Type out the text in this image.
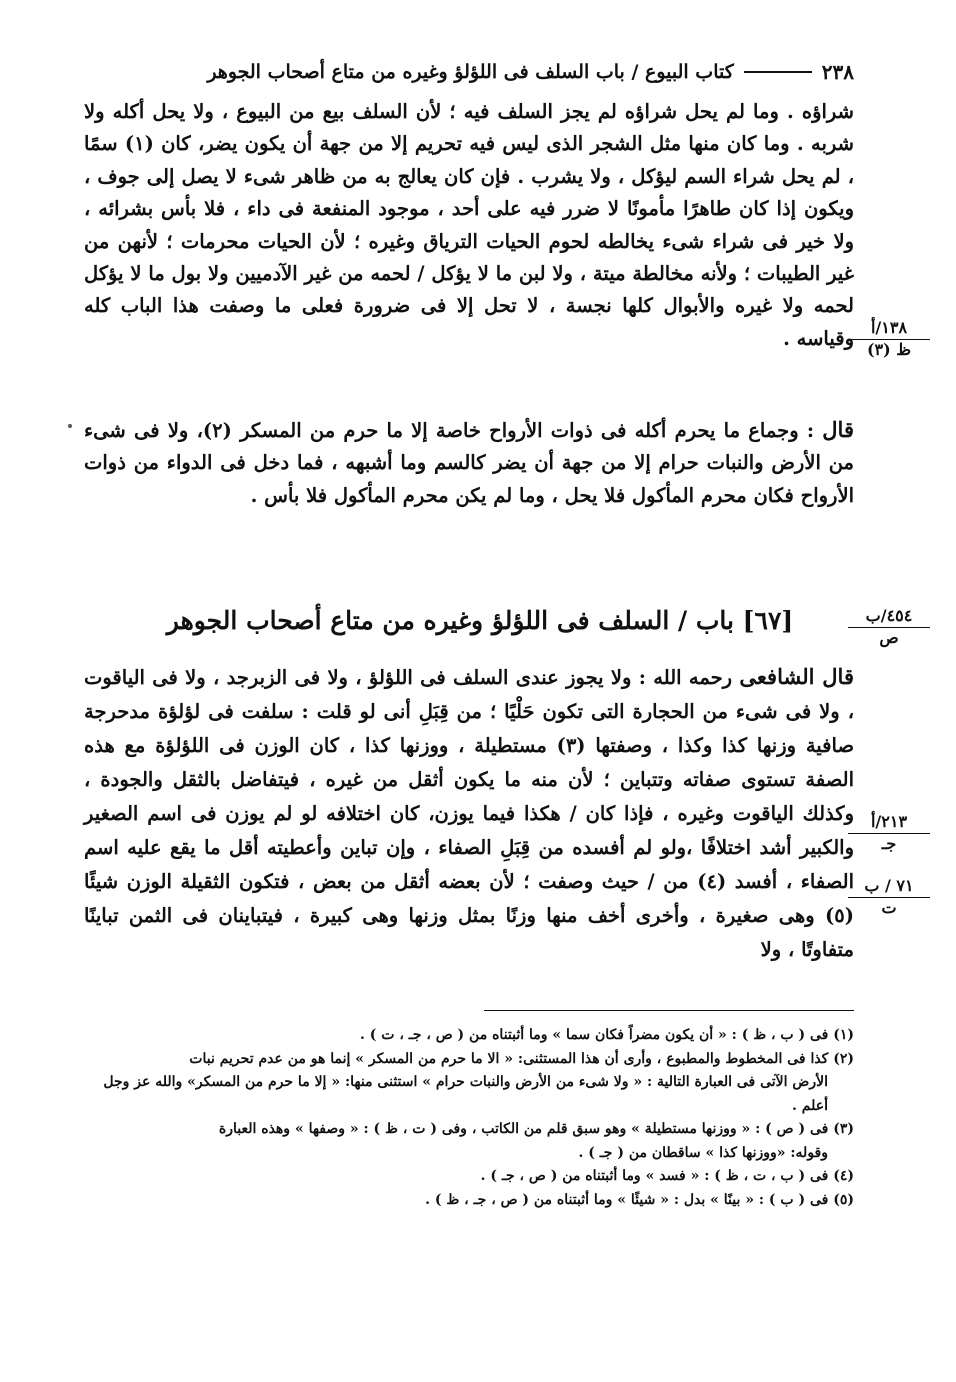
٢٣٨
كتاب البيوع / باب السلف فى اللؤلؤ وغيره من متاع أصحاب الجوهر

شراؤه . وما لم يحل شراؤه لم يجز السلف فيه ؛ لأن السلف بيع من البيوع ، ولا يحل أكله ولا شربه . وما كان منها مثل الشجر الذى ليس فيه تحريم إلا من جهة أن يكون يضر، كان (١) سمًا ، لم يحل شراء السم ليؤكل ، ولا يشرب . فإن كان يعالج به من ظاهر شىء لا يصل إلى جوف ، ويكون إذا كان طاهرًا مأمونًا لا ضرر فيه على أحد ، موجود المنفعة فى داء ، فلا بأس بشرائه ، ولا خير فى شراء شىء يخالطه لحوم الحيات الترياق وغيره ؛ لأن الحيات محرمات ؛ لأنهن من غير الطيبات ؛ ولأنه مخالطة ميتة ، ولا لبن ما لا يؤكل / لحمه من غير الآدميين ولا بول ما لا يؤكل لحمه ولا غيره والأبوال كلها نجسة ، لا تحل إلا فى ضرورة فعلى ما وصفت هذا الباب كله وقياسه .

قال : وجماع ما يحرم أكله فى ذوات الأرواح خاصة إلا ما حرم من المسكر (٢)، ولا فى شىء من الأرض والنبات حرام إلا من جهة أن يضر كالسم وما أشبهه ، فما دخل فى الدواء من ذوات الأرواح فكان محرم المأكول فلا يحل ، وما لم يكن محرم المأكول فلا بأس .

[٦٧] باب / السلف فى اللؤلؤ وغيره من متاع أصحاب الجوهر

قال الشافعى رحمه الله : ولا يجوز عندى السلف فى اللؤلؤ ، ولا فى الزبرجد ، ولا فى الياقوت ، ولا فى شىء من الحجارة التى تكون حَلْيًا ؛ من قِبَلِ أنى لو قلت : سلفت فى لؤلؤة مدحرجة صافية وزنها كذا وكذا ، وصفتها (٣) مستطيلة ، ووزنها كذا ، كان الوزن فى اللؤلؤة مع هذه الصفة تستوى صفاته وتتباين ؛ لأن منه ما يكون أثقل من غيره ، فيتفاضل بالثقل والجودة ، وكذلك الياقوت وغيره ، فإذا كان / هكذا فيما يوزن، كان اختلافه لو لم يوزن فى اسم الصغير والكبير أشد اختلافًا ،ولو لم أفسده من قِبَلِ الصفاء ، وإن تباين وأعطيته أقل ما يقع عليه اسم الصفاء ، أفسد (٤) من / حيث وصفت ؛ لأن بعضه أثقل من بعض ، فتكون الثقيلة الوزن شيئًا (٥) وهى صغيرة ، وأخرى أخف منها وزنًا بمثل وزنها وهى كبيرة ، فيتباينان فى الثمن تباينًا متفاوتًا ، ولا

١٣٨/أ
ظ (٣)
٤٥٤/ب
ص
٢١٣/أ
جـ
٧١ / ب
ت

(١) فى ( ب ، ظ ) : « أن يكون مضراً فكان سما » وما أثبتناه من ( ص ، جـ ، ت ) .

(٢) كذا فى المخطوط والمطبوع ، وأرى أن هذا المستثنى: « الا ما حرم من المسكر » إنما هو من عدم تحريم نبات

الأرض الآتى فى العبارة التالية : « ولا شىء من الأرض والنبات حرام » استثنى منها: « إلا ما حرم من المسكر» والله عز وجل أعلم .

(٣) فى ( ص ) : « ووزنها مستطيلة » وهو سبق قلم من الكاتب ، وفى ( ت ، ظ ) : « وصفها » وهذه العبارة

وقوله: «ووزنها كذا » ساقطان من ( جـ ) .

(٤) فى ( ب ، ت ، ظ ) : « فسد » وما أثبتناه من ( ص ، جـ ) .

(٥) فى ( ب ) : « بينًا » بدل : « شيئًا » وما أثبتناه من ( ص ، جـ ، ظ ) .
